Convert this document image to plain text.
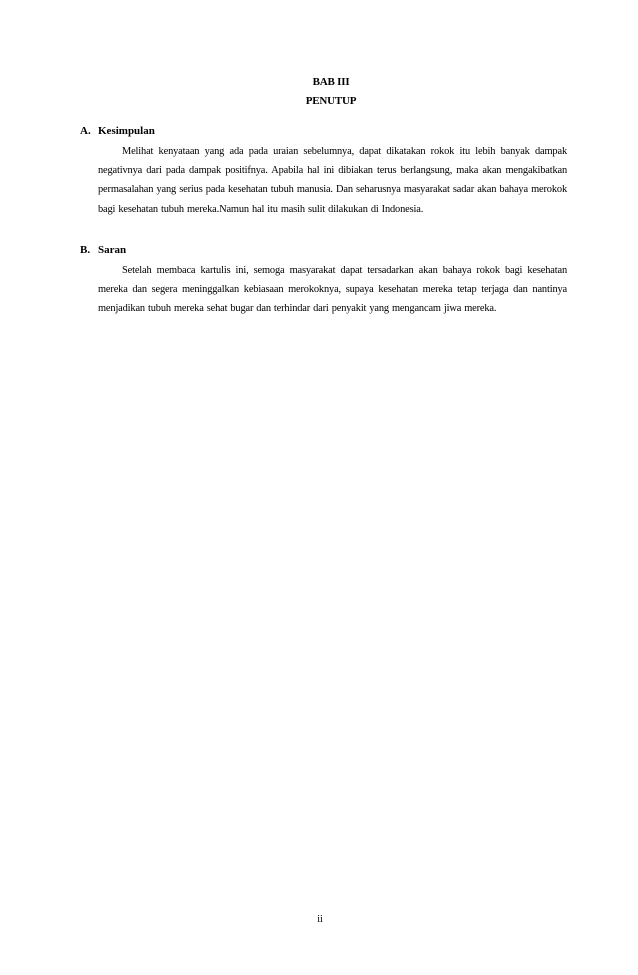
BAB III
PENUTUP
A. Kesimpulan
Melihat kenyataan yang ada pada uraian sebelumnya, dapat dikatakan rokok itu lebih banyak dampak negativnya dari pada dampak positifnya. Apabila hal ini dibiakan terus berlangsung, maka akan mengakibatkan permasalahan yang serius pada kesehatan tubuh manusia. Dan seharusnya masyarakat sadar akan bahaya merokok bagi kesehatan tubuh mereka.Namun hal itu masih sulit dilakukan di Indonesia.
B. Saran
Setelah membaca kartulis ini, semoga masyarakat dapat tersadarkan akan bahaya rokok bagi kesehatan mereka dan segera meninggalkan kebiasaan merokoknya, supaya kesehatan mereka tetap terjaga dan nantinya menjadikan tubuh mereka sehat bugar dan terhindar dari penyakit yang mengancam jiwa mereka.
ii
